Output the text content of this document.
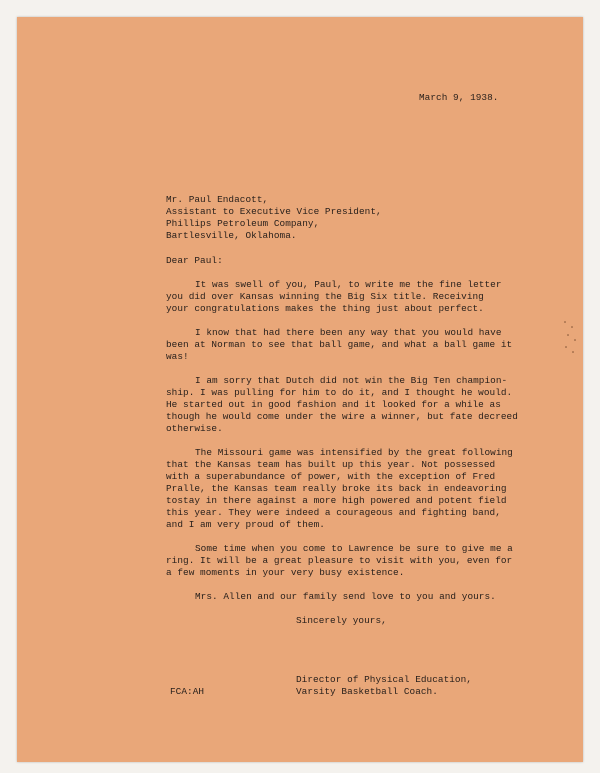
March 9, 1938.

Mr. Paul Endacott,

Assistant to Executive Vice President,

Phillips Petroleum Company,

Bartlesville, Oklahoma.

Dear Paul:

It was swell of you, Paul, to write me the fine letter

you did over Kansas winning the Big Six title. Receiving

your congratulations makes the thing just about perfect.

I know that had there been any way that you would have

been at Norman to see that ball game, and what a ball game it

was!

I am sorry that Dutch did not win the Big Ten champion-

ship. I was pulling for him to do it, and I thought he would.

He started out in good fashion and it looked for a while as

though he would come under the wire a winner, but fate decreed

otherwise.

The Missouri game was intensified by the great following

that the Kansas team has built up this year. Not possessed

with a superabundance of power, with the exception of Fred

Pralle, the Kansas team really broke its back in endeavoring

tostay in there against a more high powered and potent field

this year. They were indeed a courageous and fighting band,

and I am very proud of them.

Some time when you come to Lawrence be sure to give me a

ring. It will be a great pleasure to visit with you, even for

a few moments in your very busy existence.

Mrs. Allen and our family send love to you and yours.

Sincerely yours,

Director of Physical Education,

Varsity Basketball Coach.

FCA:AH
